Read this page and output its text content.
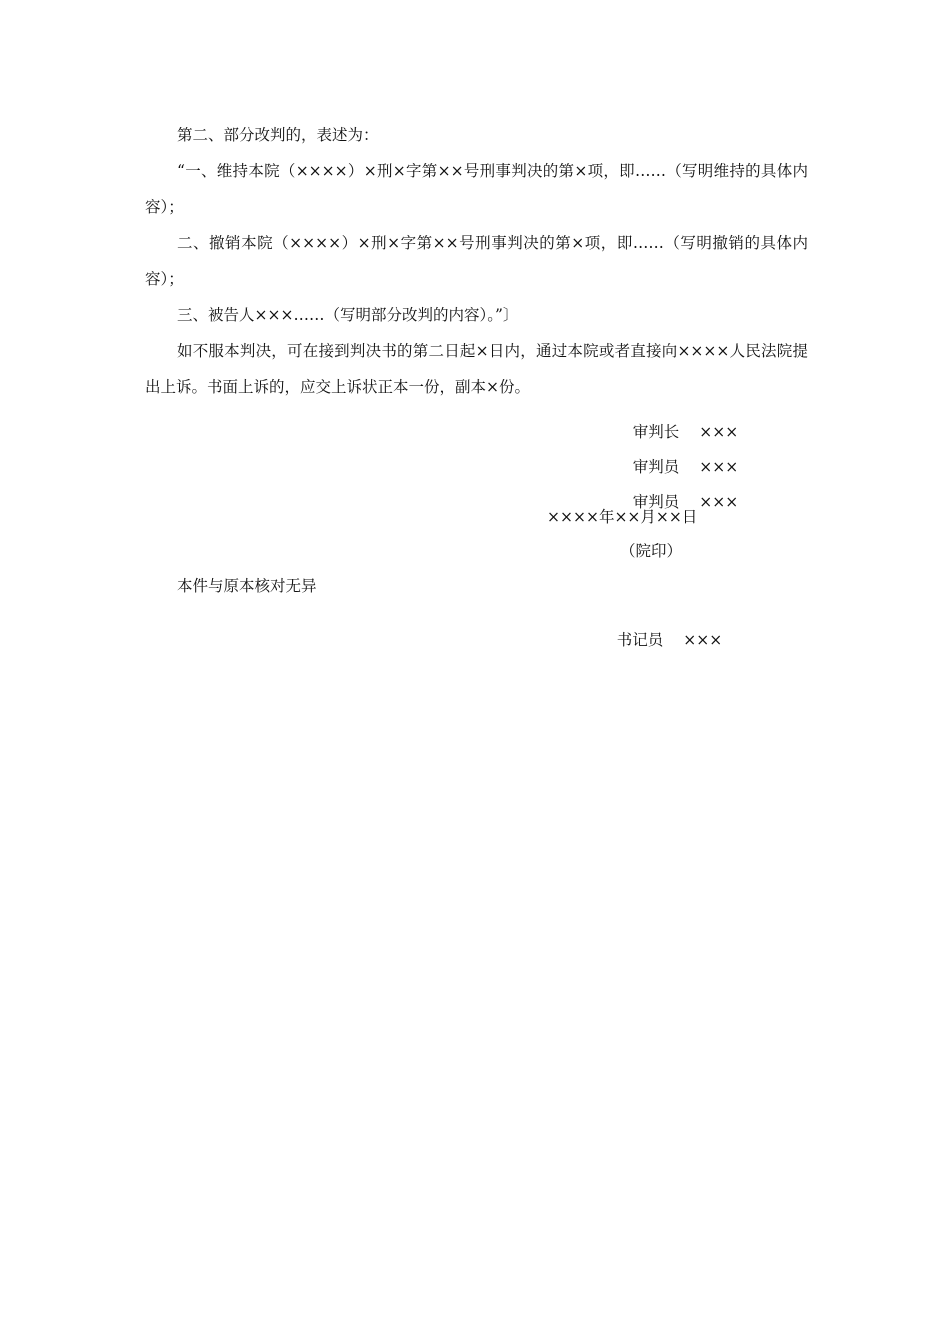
第二、部分改判的，表述为：

“一、维持本院（××××）×刑×字第××号刑事判决的第×项，即……（写明维持的具体内容）；

二、撤销本院（××××）×刑×字第××号刑事判决的第×项，即……（写明撤销的具体内容）；

三、被告人×××……（写明部分改判的内容）。”〕

如不服本判决，可在接到判决书的第二日起×日内，通过本院或者直接向××××人民法院提出上诉。书面上诉的，应交上诉状正本一份，副本×份。

审判长 ×××

审判员 ×××

审判员 ×××

××××年××月××日
（院印）
本件与原本核对无异

书记员 ×××
